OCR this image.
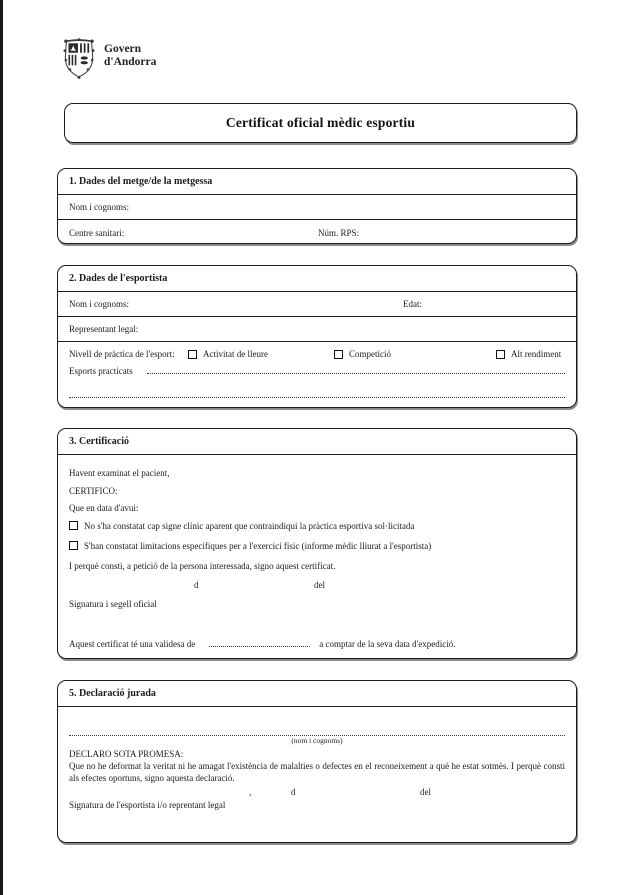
Govern
d'Andorra
Certificat oficial mèdic esportiu
1. Dades del metge/de la metgessa
Nom i cognoms:
Centre sanitari:	Núm. RPS:
2. Dades de l'esportista
Nom i cognoms:	Edat:
Representant legal:
Nivell de pràctica de l'esport:	Activitat de lleure	Competició	Alt rendiment
Esports practicats
3. Certificació
Havent examinat el pacient,
CERTIFICO:
Que en data d'avui:
No s'ha constatat cap signe clínic aparent que contraindiqui la pràctica esportiva sol·licitada
S'han constatat limitacions específiques per a l'exercici físic (informe mèdic lliurat a l'esportista)
I perquè consti, a petició de la persona interessada, signo aquest certificat.
d	del
Signatura i segell oficial
Aquest certificat té una validesa de	a comptar de la seva data d'expedició.
5. Declaració jurada
(nom i cognoms)
DECLARO SOTA PROMESA:
Que no he deformat la veritat ni he amagat l'existència de malalties o defectes en el reconeixement a què he estat sotmès. I perquè consti als efectes oportuns, signo aquesta declaració.
,	d	del
Signatura de l'esportista i/o reprentant legal
